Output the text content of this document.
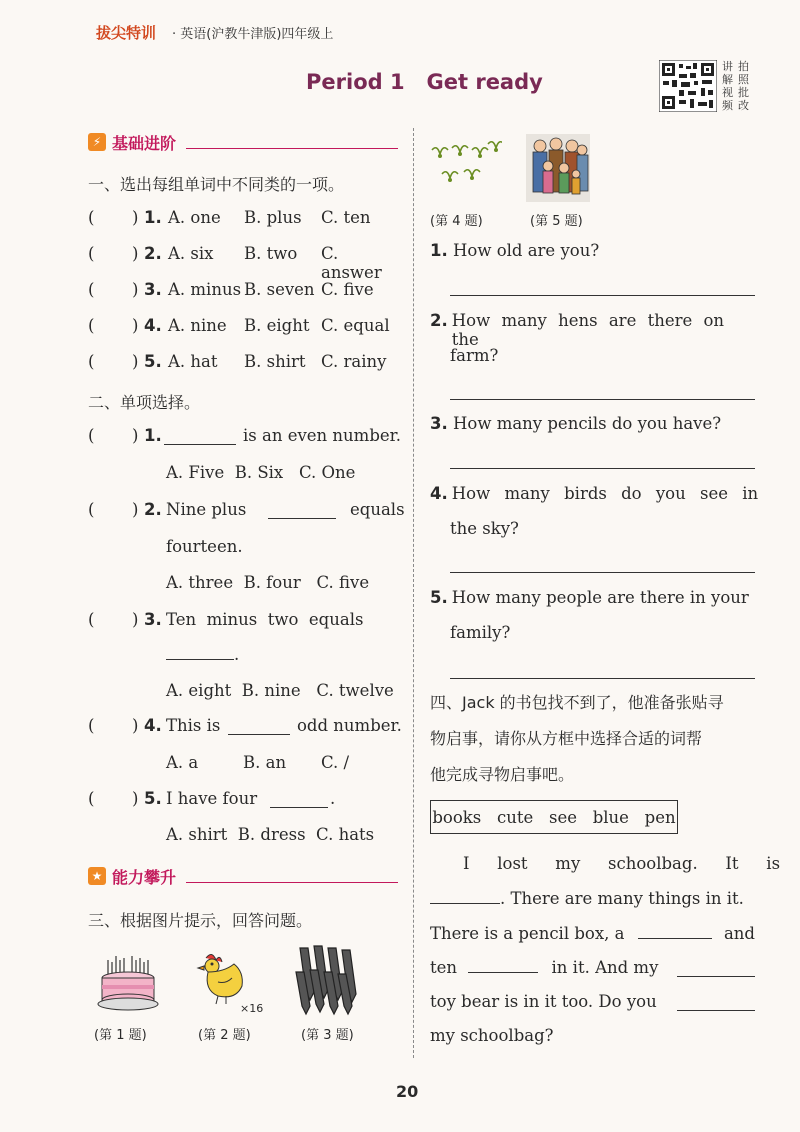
拔尖特训 · 英语(沪教牛津版)四年级上
Period 1   Get ready
讲解视频
拍照批改
⚡ 基础进阶
一、选出每组单词中不同类的一项。
( ) 1. A. one B. plus C. ten
( ) 2. A. six B. two C. answer
( ) 3. A. minus B. seven C. five
( ) 4. A. nine B. eight C. equal
( ) 5. A. hat B. shirt C. rainy
二、单项选择。
( ) 1.	is an even number.
A. Five  B. Six   C. One
( ) 2. Nine plus	equals
fourteen.
A. three  B. four   C. five
( ) 3. Ten  minus  two  equals
.
A. eight  B. nine   C. twelve
( ) 4. This is	odd number.
A. a	B. an C. /
( ) 5. I have four	.
A. shirt  B. dress  C. hats
★ 能力攀升
三、根据图片提示，回答问题。
×16
(第 1 题)	(第 2 题)	(第 3 题)
(第 4 题)	(第 5 题)
1. How old are you?
2. How many hens are there on the
farm?
3. How many pencils do you have?
4. How many birds do you see in
the sky?
5. How many people are there in your
family?
四、Jack 的书包找不到了，他准备张贴寻
物启事，请你从方框中选择合适的词帮
他完成寻物启事吧。
books   cute   see   blue   pen
I   lost   my   schoolbag.   It   is
. There are many things in it.
There is a pencil box, a	and
ten	in it. And my
toy bear is in it too. Do you
my schoolbag?
20
